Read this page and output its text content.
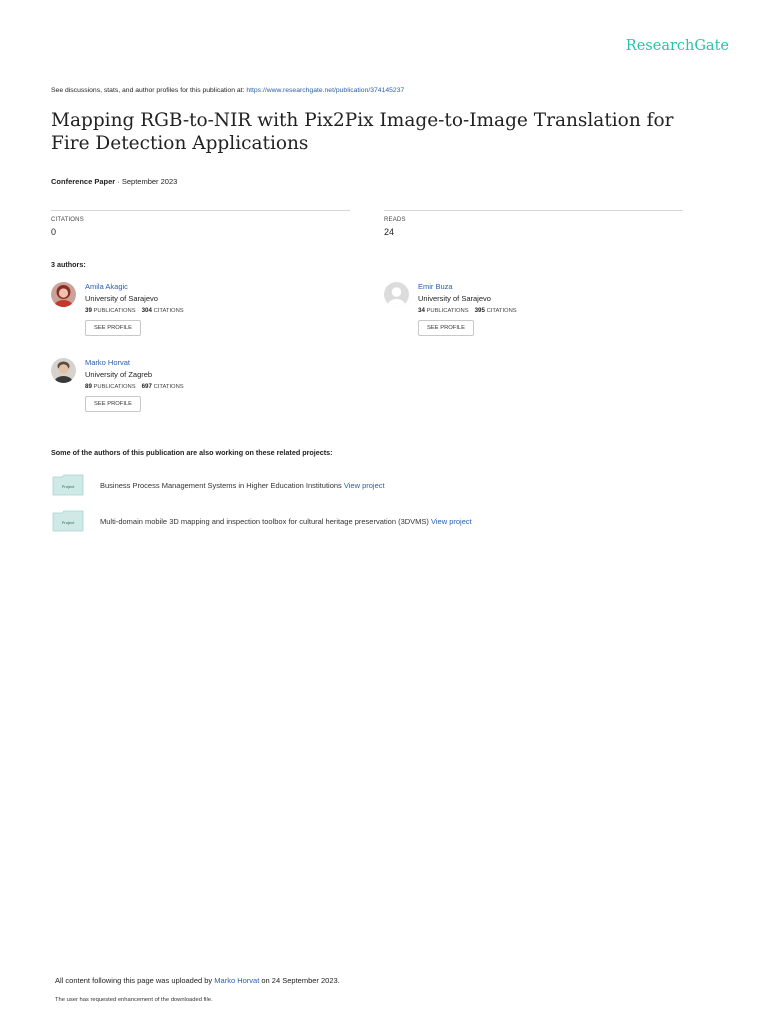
ResearchGate
See discussions, stats, and author profiles for this publication at: https://www.researchgate.net/publication/374145237
Mapping RGB-to-NIR with Pix2Pix Image-to-Image Translation for Fire Detection Applications
Conference Paper · September 2023
CITATIONS
0
READS
24
3 authors:
Amila Akagic
University of Sarajevo
39 PUBLICATIONS 304 CITATIONS
SEE PROFILE
Emir Buza
University of Sarajevo
34 PUBLICATIONS 395 CITATIONS
SEE PROFILE
Marko Horvat
University of Zagreb
89 PUBLICATIONS 697 CITATIONS
SEE PROFILE
Some of the authors of this publication are also working on these related projects:
Project	Business Process Management Systems in Higher Education Institutions View project
Project	Multi-domain mobile 3D mapping and inspection toolbox for cultural heritage preservation (3DVMS) View project
All content following this page was uploaded by Marko Horvat on 24 September 2023.
The user has requested enhancement of the downloaded file.
